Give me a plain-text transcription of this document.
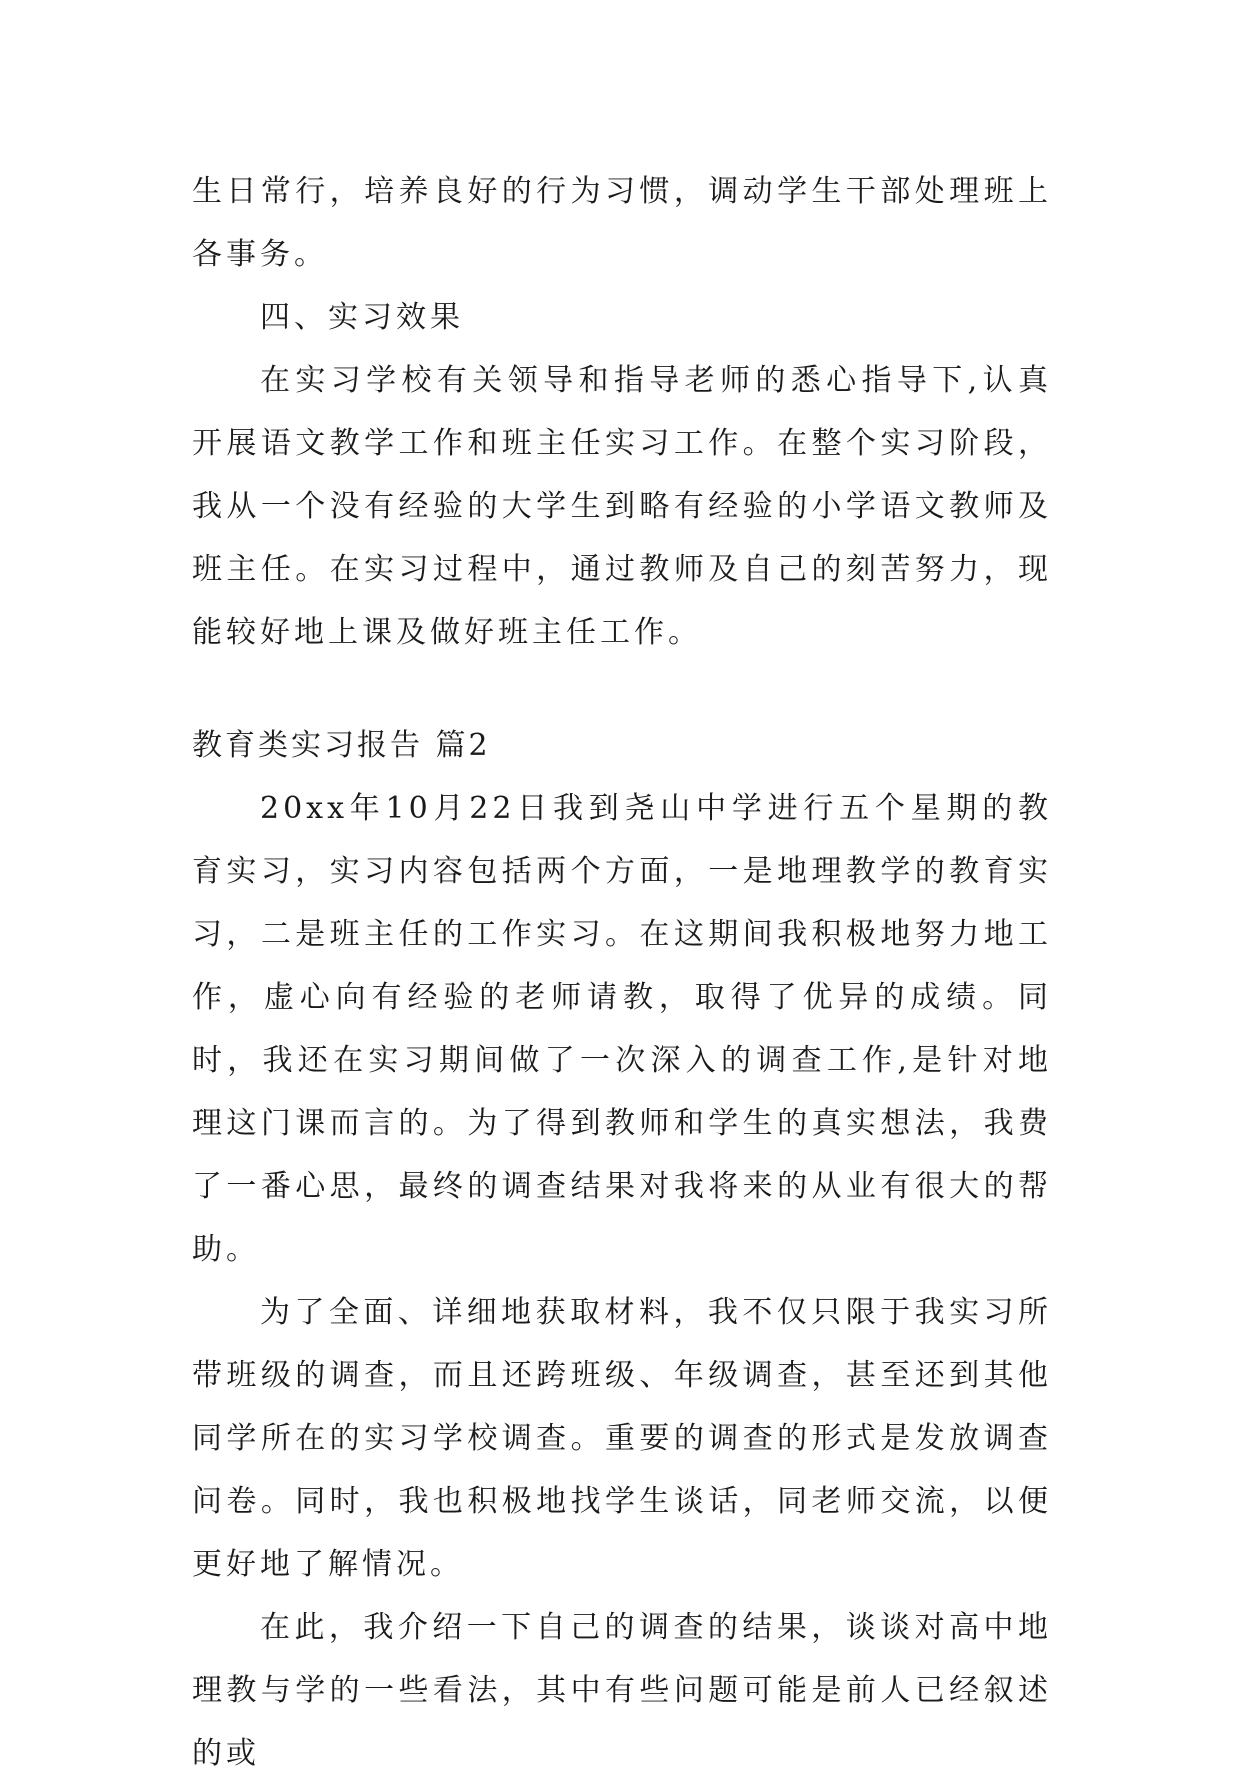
生日常行，培养良好的行为习惯，调动学生干部处理班上各事务。

四、实习效果

在实习学校有关领导和指导老师的悉心指导下,认真开展语文教学工作和班主任实习工作。在整个实习阶段，我从一个没有经验的大学生到略有经验的小学语文教师及班主任。在实习过程中，通过教师及自己的刻苦努力，现能较好地上课及做好班主任工作。

教育类实习报告 篇2

20xx年10月22日我到尧山中学进行五个星期的教育实习，实习内容包括两个方面，一是地理教学的教育实习，二是班主任的工作实习。在这期间我积极地努力地工作，虚心向有经验的老师请教，取得了优异的成绩。同时，我还在实习期间做了一次深入的调查工作,是针对地理这门课而言的。为了得到教师和学生的真实想法，我费了一番心思，最终的调查结果对我将来的从业有很大的帮助。

为了全面、详细地获取材料，我不仅只限于我实习所带班级的调查，而且还跨班级、年级调查，甚至还到其他同学所在的实习学校调查。重要的调查的形式是发放调查问卷。同时，我也积极地找学生谈话，同老师交流，以便更好地了解情况。

在此，我介绍一下自己的调查的结果，谈谈对高中地理教与学的一些看法，其中有些问题可能是前人已经叙述的或
